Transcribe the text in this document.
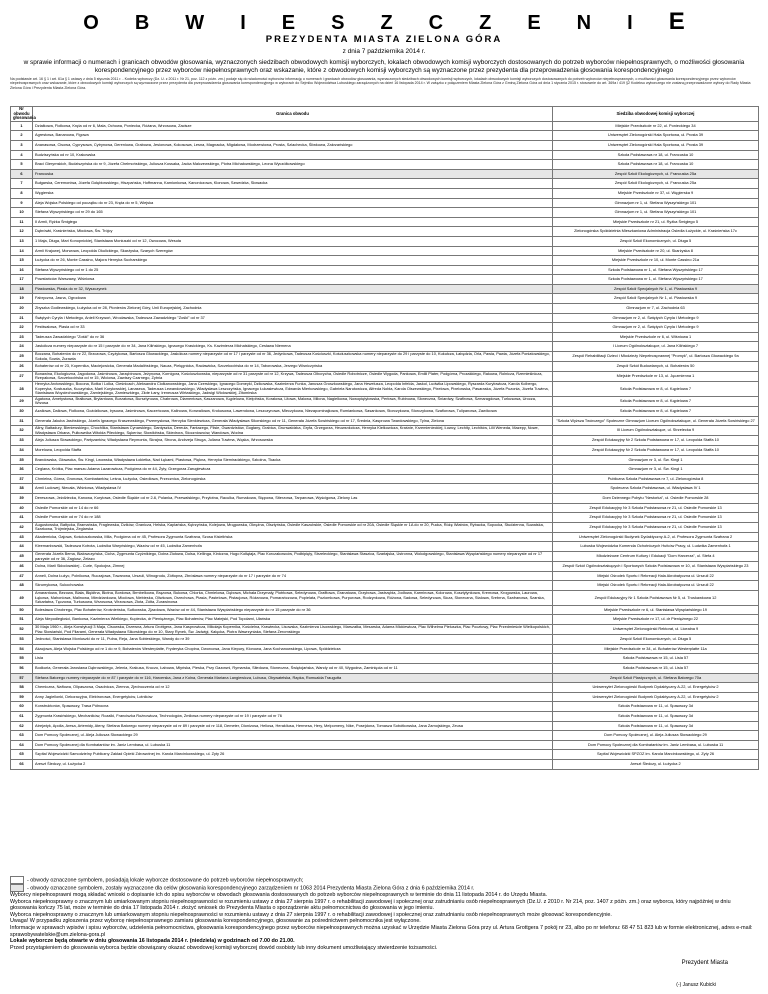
OBWIESZCZENIE
PREZYDENTA MIASTA ZIELONA GÓRA
z dnia 7 października 2014 r.
w sprawie informacji o numerach i granicach obwodów głosowania, wyznaczonych siedzibach obwodowych komisji wyborczych, lokalach obwodowych komisji wyborczych dostosowanych do potrzeb wyborców niepełnosprawnych, o możliwości głosowania korespondencyjnego przez wyborców niepełnosprawnych oraz wskazanie, które z obwodowych komisji wyborczych są wyznaczone przez prezydenta dla przeprowadzenia głosowania korespondencyjnego
Na podstawie art. 16 § 1 i art. 61a § 1 ustawy z dnia 5 stycznia 2011 r. - Kodeks wyborczy (Dz. U. z 2011 r. Nr 21, poz. 112 z późn. zm.) podaje się do wiadomości wyborców informację o numerach i granicach obwodów głosowania, wyznaczonych siedzibach obwodowych komisji wyborczych, lokalach obwodowych komisji wyborczych dostosowanych do potrzeb wyborców niepełnosprawnych, o możliwości głosowania korespondencyjnego przez wyborców niepełnosprawnych oraz wskazanie, które z obwodowych komisji wyborczych są wyznaczone przez prezydenta dla przeprowadzenia głosowania korespondencyjnego w wyborach do Sejmiku Województwa Lubuskiego zarządzonych na dzień 16 listopada 2014 r. W związku z połączeniem Miasta Zielona Góra z Gminą Zielona Góra od dnia 1 stycznia 2015 r. stosownie do art. 369a i 419 §2 Kodeksu wyborczego nie zostaną przeprowadzone wybory do Rady Miasta Zielona Góra i Prezydenta Miasta Zielona Góra.
Nr obwodu głosowania	Granica obwodu	Siedziba obwodowej komisji wyborczej
1	Działkowa, Fiołkowa, Kręta od nr 6, Mała, Ochowa, Poniecka, Różana, Wrzosowa, Zacisze	Miejskie Przedszkole nr 22, ul. Ponieckiego 34
2	Agrestowa, Bananowa, Figowa	Uniwersytet Zielonogórski Hala Sportowa, ul. Prosta 39
3	Ananasowa, Cisowa, Cyprysowa, Cytrynowa, Dereniowa, Grabowa, Jesionowa, Kokosowa, Lesna, Magnacka, Migdałowa, Modrzewiowa, Prosta, Szlachecka, Śliwkowa, Zakrzańskiego	Uniwersytet Zielonogórski Hala Sportowa, ul. Prosta 39
4	Budziszyńska od nr 10, Krakowska	Szkoła Podstawowa nr 18, ul. Francuska 10
5	Braci Gierymskich, Budziszyńska do nr 9, Józefa Chełmońskiego, Juliusza Kossaka, Jacka Malczewskiego, Piotra Michałowskiego, Leona Wyczółkowskiego	Szkoła Podstawowa nr 18, ul. Francuska 10
6	Francuska	Zespół Szkół Ekologicznych, ul. Francuska 25a
7	Bułgarska, Ceremoniwa, Józefa Gołębiowskiego, Hiszpańska, Hoffmanna, Kamionkowa, Kanoniczowa, Klonowa, Szwedzka, Słowacka	Zespół Szkół Ekologicznych, ul. Francuska 25a
8	Węgierska	Miejskie Przedszkole nr 37, ul. Węgierska 9
9	Aleja Wojska Polskiego od początku do nr 23, Kręta do nr 5, Wiejska	Gimnazjum nr 1, ul. Stefana Wyszyńskiego 101
10	Stefana Wyszyńskiego od nr 29 do 165	Gimnazjum nr 1, ul. Stefana Wyszyńskiego 101
11	II Armii, Ryżka Śmigłego	Miejskie Przedszkole nr 21, ul. Ryżka Śmigłego 5
12	Dąbrówki, Kraśnieńska, Młodowa, Św. Trójcy	Zielonogórska Spółdzielnia Mieszkaniowa Administracja Osiedla Łużyckie, ul. Kraśnieńska 17c
13	1 Maja, Długa, Mari Konopnickiej, Stanisława Moniuszki od nr 12, Owocowa, Wesoła	Zespół Szkół Ekonomicznych, ul. Długa 5
14	Armii Krajowej, Morwowa, Leopolda Okulickiego, Skarżyska, Szarych Szeregów	Miejskie Przedszkole nr 20, ul. Skarżyska 8
15	Łużycka do nr 26, Monte Cassino, Majora Henryka Sucharskiego	Miejskie Przedszkole nr 10, ul. Monte Cassino 21a
16	Stefana Wyszyńskiego od nr 1 do 25	Szkoła Podstawowa nr 1, ul. Stefana Wyszyńskiego 17
17	Powstańców Warszawy, Wiśniowa	Szkoła Podstawowa nr 1, ul. Stefana Wyszyńskiego 17
18	Piastowska, Plasia do nr 32, Wyszczynek	Zespół Szkół Specjalnych Nr 1, ul. Piastowska 9
19	Fabryczna, Jasna, Ogrodowa	Zespół Szkół Specjalnych Nr 1, ul. Piastowska 9
20	Zbyszka Godlewskiego, Łużycka od nr 28, Pionierów Zielonej Góry, Unii Europejskiej, Zachodnia	Gimnazjum nr 7, ul. Zachodnia 63
21	Świętych Cyryla i Metodego, Anieli Krzywoń, Wrocławska, Tadeusza Zawadzkiego "Zośki" od nr 37	Gimnazjum nr 2, ul. Świętych Cyryla i Metodego 9
22	Festiwalowa, Plasia od nr 33	Gimnazjum nr 2, ul. Świętych Cyryla i Metodego 9
23	Tadeusza Zawadzkiego "Zośki" do nr 36	Miejskie Przedszkole nr 6, ul. Wiśniowa 1
24	Jaskółcza numery nieparzyste do nr 15 i parzyste do nr 34, Jana Kilińskiego, Ignacego Krasickiego, Ks. Kazimierza Michalskiego, Cesława Niemena	I Liceum Ogólnokształcące, ul. Jana Kilińskiego 7
25	Boczana, Bohaterów do nr 22, Brzozowa, Czyżykowa, Bartosza Głowackiego, Jaskółcza numery nieparzyste od nr 17 i parzyste od nr 36, Jedynkowa, Tadeusza Kościuszki, Kościuszkowska numery nieparzyste do 29 i parzyste do 10, Kukułcza, Łabędzia, Orla, Pawia, Pawia, Józefa Poniatowskiego, Sokola, Sowia, Żurawia	Zespół Rehabilitacji Dzieci i Młodzieży Niepełnosprawnej "Promyk", ul. Bartosza Głowackiego 9a
26	Bohaterów od nr 23, Kopernika, Maciejowicka, Generała Madalińskiego, Nauza, Pielęgnicka, Racławicka, Szczekocińska do nr 14, Taborowska, Jerzego Wisniczyńska	Zespół Szkół Budowlanych, ul. Bohaterów 50
27	Bonawina, Ekologiczna, Jagodowa, Jaśminowa, Jarzębinowa, Jeżynowa, Kornigora, Kościuszkowska, nieparzyste od nr 31 parzyste od nr 12, Krzywa, Tadeusza Olborycha, Osiedle Robotnicze, Osiedle Wygoda, Pankowa, Emilii Plater, Podgórna, Prozakkiego, Rakowa, Rolnicza, Rzemieślnicza, Rzepakowa, Szczekocińska od nr 15, Wiciowa, Zawiszy Czarnego, Żytnia	Miejskie Przedszkole nr 13, ul. Jęczmienna 1
28	Henryka Arctowskiego, Bocona, Botka i Lolka, Cieśnicach, Aleksandra Ciołkanowskiego, Jana Czerskiego, Ignacego Domeyki, Dzikowska, Kazimierza Funka, Janusza Groszkowskiego, Jana Hewelusza, Leopolda Infelda, Jaskol, Ludwika Lipowskiego, Ryszarda Kuryłowicza, Karola Kolbergo, Koperyka, Kostuszka, Kuczyńska, Marii Kuryłowskiej, Lanaseca, Tadeusza Lewandowskiego, Władysława Leszczyńska, Ignacego Łukasiewicza, Edwarda Mierkowskiego, Gabriela Narutowicza, Alfreda Nobla, Karola Olszewskiego, Pixelowa, Pixelowska, Pasaraska, Józefa Puzonia, Józefa Tuwima, Stanisława Woyciechowskiego, Zamiejskiego, Zamieszkiego, Złote Łany, Ireneusza Wirtaskiego, Jadwigi Wlolowskiej, Żitomirska	Szkoła Podstawowa nr 8, ul. Kąpielowa 7
29	Agatowa, Ametystowa, Brałkowa, Brylantowa, Burzatowa, Bursztynowa, Chabrowa, Diamentowa, Kaszanowa, Kąpielowa, Kiełpińska, Korałowa, Litowa, Malowa, Miłona, Nagielkowa, Nowopiętyłowska, Perłowa, Rubinowa, Słoneczna, Śniardwy, Szafirowa, Szmaragdowa, Turkusowa, Urocza, Wrzosa	Szkoła Podstawowa nr 8, ul. Kąpielowa 7
30	Azaliowa, Daliowa, Fiołkowa, Goździkowa, Irysowa, Jaśminowa, Kaczeńcowa, Kalinowa, Konwaliowa, Krokusowa, Lawendowa, Leszczynowa, Mleczykowa, Niezapominajkowa, Rumiankowa, Sasankowa, Storczykowa, Storczykowa, Szaflorowa, Tulipanowa, Zawilcowa	Szkoła Podstawowa nr 8, ul. Kąpielowa 7
31	Generała Jakuba Jasińskiego, Józefa Ignacego Kraszewskiego, Przemysłowa, Henryka Sienkiewicza, Generała Władysława Sikorskiego od nr 11, Generała Józefa Sowińskiego od nr 17, Średnia, Kasprowa Twardowskiego, Tylna, Zielona	"Szkoła Wyższa Twórczego" Społeczne Gimnazjum Liceum Ogólnokształcące, ul. Generała Józefa Sowińskiego 27
32	Aliny, Bałtadury, Bieniewskiego, Chochlika, Stanisława Cynarskiego, Dantyszka, Dereula, Fantazego, Flisie, Gwardzistów, Gogłany, Grabica, Grunwaldzka, Gryfa, Grzegorza, Heuwsnkcicza, Henryka Kiełkowicza, Kraśnie, Krzemienieckiej, Łowcy, Lechity, Lechitów, Lilii Weneda, Mazepy, Nowe, Władysława Orkana, Pułkownika Witolda Pileckiego, Sękerów, Słowikińska, Skiedrora, Stoczniowców, Wandowa, Wodna	III Liceum Ogólnokształcące, ul. Strzelecka 9
33	Aleja Juliusza Słowackiego, Partyzantów, Władysława Reymonta, Skrajna, Strona, Andrzeja Struga, Juliana Tuwima, Wąska, Wrzosowska	Zespół Edukacyjny Nr 2 Szkoła Podstawowa nr 17, ul. Leopolda Staffa 10
34	Morelowa, Leopolda Staffa	Zespół Edukacyjny Nr 2 Szkoła Podstawowa nr 17, ul. Leopolda Staffa 10
35	Brandowska, Głowacka, Św. Kingi, Lwowska, Władysława Łokietka, Nad Łękami, Piastowa, Piękna, Henryka Siemiradzkiego, Szkolna, Tkacka	Gimnazjum nr 3, ul. Św. Kingi 1
36	Ceglana, Krótka, Plac marszu Adama Lazarowicza, Podgórna do nr 44, Żyty, Grzegorza Zarugiewicza	Gimnazjum nr 3, ul. Św. Kingi 1
37	Chmielna, Górna, Gronowa, Kombatantów, Leśna, Łużycka, Osiedlowa, Przecznica, Zielonogórska	Publiczna Szkoła Podstawowa nr 7, ul. Zielonogórska 8
38	Armii Ludowej, Niecała, Wiśniowa, Władysława IV	Społeczna Szkoła Podstawowa, ul. Władysława IV 1
39	Dereszowa, Jeżdżiecka, Kanowa, Kurytowa, Osiedle Śląskie od nr 2-6, Polanka, Przewalskiego, Przylotna, Raculka, Rumakowa, Stępowa, Stierzowa, Tarpanowa, Wyścigowa, Zielony Las	Dom Dziennego Pobytu "Nestorka", ul. Osiedle Pomorskie 28
40	Osiedle Pomorskie od nr 14 do nr 66	Zespół Edukacyjny Nr 3 Szkoła Podstawowa nr 21, ul. Osiedle Pomorskie 13
41	Osiedle Pomorskie od nr 74 do nr 188	Zespół Edukacyjny Nr 3 Szkoła Podstawowa nr 21, ul. Osiedle Pomorskie 13
42	Augustowska, Bałtycka, Bramańska, Fraglewska, Dzików, Granicza, Helska, Kaplańska, Kętrzyńska, Kolejowa, Mrągowska, Okrężna, Olsztyńska, Osiedle Kaszubskie, Osiedle Pomorskie od nr 20A, Osiedle Śląskie nr 1A do nr 20, Pucka, Różę Wiatrów, Rybacka, Sopocka, Studzienna, Suwalska, Szarkowa, Trójmiejska, Żeglarska	Zespół Edukacyjny Nr 3 Szkoła Podstawowa nr 21, ul. Osiedle Pomorskie 13
43	Akademicka, Gajowa, Kościuszkowska, Mila, Podgórna od nr 45, Profesora Zygmunta Szafrana, Szosa Kisielińska	Uniwersytet Zielonogórski Budynek Dydaktyczny A-2, ul. Profesora Zygmunta Szafrana 2
44	Kleemanbowski, Tadeusza Kotrota, Ludwika Waryńskiego, Wazów od nr 45, Ludwika Zamenhofa	Lubuska Wojewódzka Komenda Ochotniczych Hufców Pracy, ul. Ludwika Zamenhofa 1
45	Generała Józefa Bema, Białowczyńska, Cicha, Zygmunta Czyżnikiego, Dolna Ziołowa, Dolsa, Kellinga, Kiniczna, Hugo Kołłątaja, Plac Korczakowców, Podbipięty, Strzeleckiego, Stanisława Staszica, Szarłajska, Ustronna, Wokołgowskiego, Stanisława Wyspiańskiego numery nieparzyste od nr 17 parzyste od nr 36, Żagiusz, Żelazo	Młodzieżowe Centrum Kultury i Edukacji "Dom Harcerza", ul. Stefa 4
46	Dolna, Marii Skłodowskiej - Curie, Spokojna, Zimnej	Zespół Szkół Ogólnokształcących i Sportowych Szkoła Podstawowa nr 10, ul. Stanisława Wyspiańskiego 23
47	Anneli, Dolna Łużyc, Polnikowa, Ruczajowa, Towarowa, Urszuli, Winogrodu, Żółtopna, Zbrósława numery nieparzyste do nr 17 i parzyste do nr 74	Miejski Ośrodek Sportu i Rekreacji Hala Akrobatyczna ul. Urszuli 22
48	Skrumykowa, Sukochowska	Miejski Ośrodek Sportu i Rekreacji Hala Akrobatyczna ul. Urszuli 22
49	Amarantowa, Bezowa, Biała, Błękitna, Błotna, Bordowa, Brmbelkowa, Brązowa, Bukowa, Chlorka, Chmielowa, Dębowa, Michała Drzymały, Piotrkowa, Seledynowa, Grafitowa, Granatowa, Grzybowa, Jastrzębia, Jodłowa, Karminowa, Kolorowa, Kosztylynkowa, Kremowa, Krogowska, Laurowa, Łąkowa, Mahoniowa, Malinowa, Miedziankowa, Miodowa, Niebieska, Oliwkowa, Orzechowa, Ptasia, Pastelowa, Pistacjowa, Różanowa, Pomarańczowa, Popielata, Poziomkowa, Purpurowa, Rodzynkowa, Różowa, Sadowa, Seledynowa, Sicza, Słoneczna, Stalowa, Srebrna, Szafranowa, Szarska, Szkarłatna, Tęczowa, Turkusowa, Wrzosowa, Wrzosowa, Złota, Żółta, Żurawinowa	Zespół Edukacyjny Nr 1 Szkoła Podstawowa Nr 5, ul. Truskawkowa 12
50	Bolesława Chrobrego, Plac Bohaterów, Krośnieńska, Sutkowska, Zjazdowa, Wazów od nr 44, Stanisława Wyspiańskiego nieparzyste do nr 15 parzyste do nr 36	Miejskie Przedszkole nr 6, ul. Stanisława Wyspiańskiego 19
51	Aleja Niepodległości, Bankowa, Kazimierza Wielkiego, Kupiecka, dr Pieniężnego, Plac Bohaterów, Plac Matejski, Pod Topolami, Ułańska	Miejskie Przedszkole nr 17, ul. dr Pieniężnego 22
52	30 Maja 1960 r., Aleja Konstytucji 3 Maja, Cisowska, Drzewna, Artura Grottgera, Jana Kasprowicza, Mikołaja Kopernika, Kościelna, Krawiecka, Lisowska, Kazimierza Lisowskiego, Marszałka, Mesarska, Adama Mickiewicza, Plac Wilhelma Pieluszka, Plac Pocztowy, Plac Przedmieście Wielkopolskich, Plac Słowiański, Pod Filarami, Generała Władysława Sikorskiego do nr 10, Stary Rynek, Św. Jadwigi, Kalęcka, Piotra Wawrzyniaka, Stefana Żeromskiego	Uniwersytet Zielonogórski Rektorat, ul. Licealna 9
53	Jedności, Stanisława Moniuszki do nr 11, Pulna, Reja, Jana Sobieskiego, Wandy do nr 39	Zespół Szkół Ekonomicznych, ul. Długa 5
54	Akacjowa, Aleja Wojska Polskiego od nr 1 do nr 9, Bohaterów Westerplatte, Fryderyka Chopina, Dworcowa, Jana Kiepury, Klonowa, Jana Kochanowskiego, Lipowa, Spółdzielcza	Miejskie Przedszkole nr 34, ul. Bohaterów Westerplatte 11a
55	Lisia	Szkoła Podstawowa nr 15, ul. Lisia 57
56	Bodkuria, Generała Jarosława Dąbrowskiego, Jelenia, Krakusa, Kruczo, Łabowa, Młyńska, Pieska, Przy Gazowni, Rymarska, Słiedowa, Stoneczna, Świętojańska, Wandy od nr 40, Wygodna, Zaminięcia od nr 11	Szkoła Podstawowa nr 15, ul. Lisia 57
57	Stefana Batorego numery nieparzyste do nr 87 i parzyste do nr 116, Harcerska, Jana z Kolna, Generała Mariana Langiewicza, Lubusa, Obywatelska, Rapka, Romualda Traugutta	Zespół Szkół Plastycznych, ul. Stefana Batorego 70a
58	Chemiczna, Naftowa, Olipaszowa, Osadnicza, Ziemna, Zjednoczenia od nr 12	Uniwersytet Zielonogórski Budynek Dydaktyczny A-22, ul. Energetyków 2
59	Anny Jagiellonki, Dekoracyjna, Elektronowa, Energetyków, Lotników	Uniwersytet Zielonogórski Budynek Dydaktyczny A-22, ul. Energetyków 2
60	Konstruktorów, Spawaczy, Trasa Północna	Szkoła Podstawowa nr 11, ul. Spawaczy 3d
61	Zygmunta Krasińskiego, Mechaników, Rozalki, Franciszka Rożnowicza, Technologów, Zmiłowa numery nieparzyste od nr 19 i parzyste od nr 76	Szkoła Podstawowa nr 11, ul. Spawaczy 3d
62	Atrejwtyk, Apolla, Aresa, Artemidy, Ateny, Stefana Batorego numery nieparzyste od nr 89 i parzyste od nr 118, Demeter, Dionizosa, Heliosa, Herakliusa, Hermesa, Hery, Melpomeny, Nike, Posejdona, Tomasza Sobótkowska, Jana Zamojskiego, Zeusa	Szkoła Podstawowa nr 11, ul. Spawaczy 3d
63	Dom Pomocy Społecznej, ul. Aleja Juliusza Słowackiego 29	Dom Pomocy Społecznej, ul. Aleja Juliusza Słowackiego 29
64	Dom Pomocy Społecznej dla Kombatantów im. Janiz Lembasa, ul. Lubuska 11	Dom Pomocy Społecznej dla Kombatantów im. Janiz Lembasa, ul. Lubuska 11
65	Szpital Wojewódzki Samodzielny Publiczny Zakład Opieki Zdrowotnej im. Karola Marcinkowskiego, ul. Zyty 26	Szpital Wojewódzki SPZOZ im. Karola Marcinkowskiego, ul. Zyty 26
66	Areszt Śledczy, ul. Łużycka 2	Areszt Śledczy, ul. Łużycka 2

- obwody oznaczone symbolem, posiadają lokale wyborcze dostosowane do potrzeb wyborców niepełnosprawnych;

- obwody oznaczone symbolem, zostały wyznaczone dla celów głosowania korespondencyjnego zarządzeniem nr 1063 2014 Prezydenta Miasta Zielona Góra z dnia 6 października 2014 r.

Wyborcy niepełnosprawni mogą składać wnioski o dopisanie ich do spisu wyborców w obwodach głosowania dostosowanych do potrzeb wyborców niepełnosprawnych w terminie do dnia 11 listopada 2014 r. do Urzędu Miasta.

Wyborca niepełnosprawny o znacznym lub umiarkowanym stopniu niepełnosprawności w rozumieniu ustawy z dnia 27 sierpnia 1997 r. o rehabilitacji zawodowej i społecznej oraz zatrudnianiu osób niepełnosprawnych (Dz.U. z 2010 r. Nr 214, poz. 1407 z późn. zm.) oraz wyborca, który najpóźniej w dniu głosowania kończy 75 lat, może w terminie do dnia 17 listopada 2014 r. złożyć wniosek do Prezydenta Miasta o sporządzenie aktu pełnomocnictwa do głosowania w jego imieniu.

Wyborca niepełnosprawny o znacznym lub umiarkowanym stopniu niepełnosprawności w rozumieniu ustawy z dnia 27 sierpnia 1997 r. o rehabilitacji zawodowej i społecznej oraz zatrudnianiu osób niepełnosprawnych może głosować korespondencyjnie.

Uwaga! W przypadku zgłoszenia przez wyborcę niepełnosprawnego zamiaru głosowania korespondencyjnego, głosowanie za pośrednictwem pełnomocnika jest wyłączone.

Informacje w sprawach wpisów i spisu wyborców, udzielenia pełnomocnictwa, głosowania korespondencyjnego przez wyborców niepełnosprawnych można uzyskać w Urzędzie Miasta Zielona Góra przy ul. Artura Grottgera 7 pokój nr 23, albo po nr telefonu: 68 47 51 823 lub w formie elektronicznej, adres e-mail: sprawobywatelskie@um.zielona-gora.pl

Lokale wyborcze będą otwarte w dniu głosowania 16 listopada 2014 r. (niedziela) w godzinach od 7.00 do 21.00.

Przed przystąpieniem do głosowania wyborca będzie obowiązany okazać obwodowej komisji wyborczej dowód osobisty lub inny dokument umożliwiający stwierdzenie tożsamości.

Prezydent Miasta
(-) Janusz Kubicki
